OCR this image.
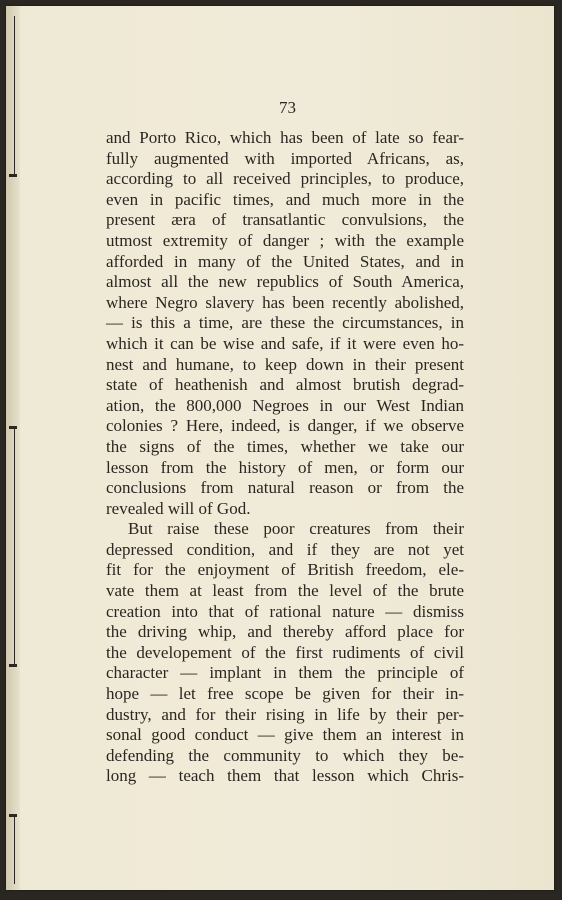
73
and Porto Rico, which has been of late so fear-
fully augmented with imported Africans, as,
according to all received principles, to produce,
even in pacific times, and much more in the
present æra of transatlantic convulsions, the
utmost extremity of danger ; with the example
afforded in many of the United States, and in
almost all the new republics of South America,
where Negro slavery has been recently abolished,
— is this a time, are these the circumstances, in
which it can be wise and safe, if it were even ho-
nest and humane, to keep down in their present
state of heathenish and almost brutish degrad-
ation, the 800,000 Negroes in our West Indian
colonies ? Here, indeed, is danger, if we observe
the signs of the times, whether we take our
lesson from the history of men, or form our
conclusions from natural reason or from the
revealed will of God.
But raise these poor creatures from their
depressed condition, and if they are not yet
fit for the enjoyment of British freedom, ele-
vate them at least from the level of the brute
creation into that of rational nature — dismiss
the driving whip, and thereby afford place for
the developement of the first rudiments of civil
character — implant in them the principle of
hope — let free scope be given for their in-
dustry, and for their rising in life by their per-
sonal good conduct — give them an interest in
defending the community to which they be-
long — teach them that lesson which Chris-
